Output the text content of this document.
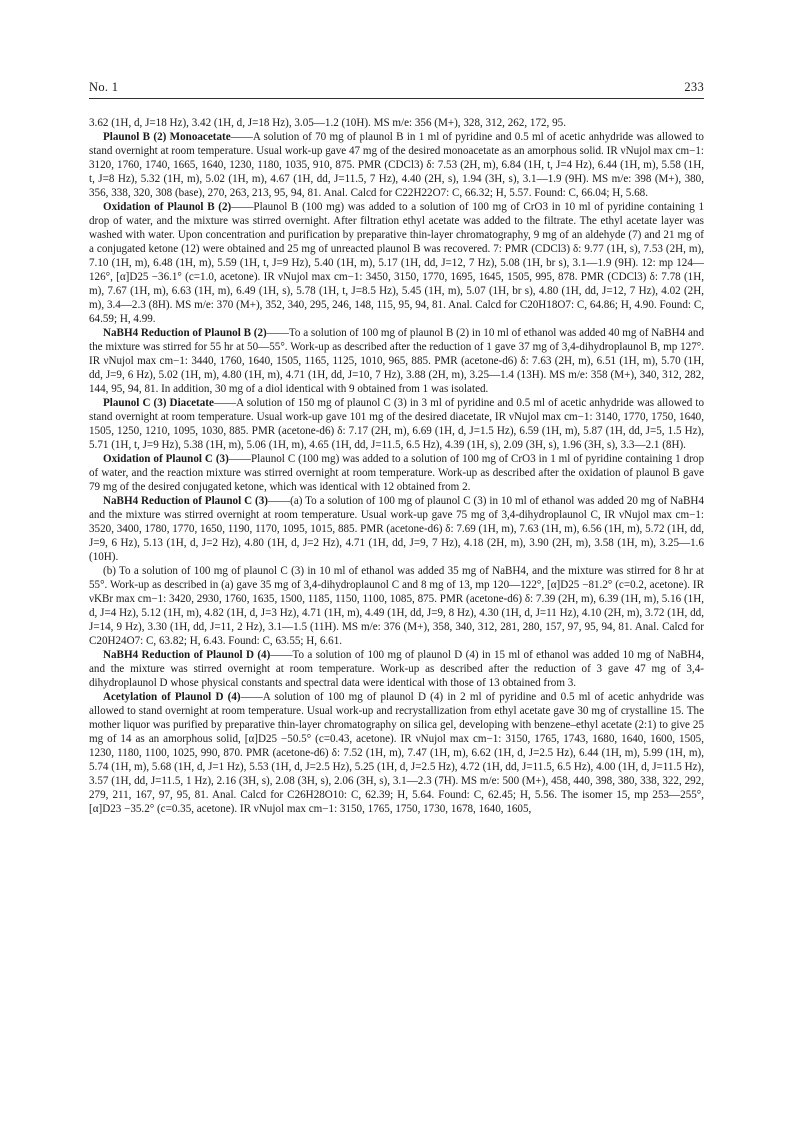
No. 1	233

3.62 (1H, d, J=18 Hz), 3.42 (1H, d, J=18 Hz), 3.05—1.2 (10H). MS m/e: 356 (M+), 328, 312, 262, 172, 95.

Plaunol B (2) Monoacetate——A solution of 70 mg of plaunol B in 1 ml of pyridine and 0.5 ml of acetic anhydride was allowed to stand overnight at room temperature. Usual work-up gave 47 mg of the desired monoacetate as an amorphous solid. IR νNujol max cm−1: 3120, 1760, 1740, 1665, 1640, 1230, 1180, 1035, 910, 875. PMR (CDCl3) δ: 7.53 (2H, m), 6.84 (1H, t, J=4 Hz), 6.44 (1H, m), 5.58 (1H, t, J=8 Hz), 5.32 (1H, m), 5.02 (1H, m), 4.67 (1H, dd, J=11.5, 7 Hz), 4.40 (2H, s), 1.94 (3H, s), 3.1—1.9 (9H). MS m/e: 398 (M+), 380, 356, 338, 320, 308 (base), 270, 263, 213, 95, 94, 81. Anal. Calcd for C22H22O7: C, 66.32; H, 5.57. Found: C, 66.04; H, 5.68.

Oxidation of Plaunol B (2)——Plaunol B (100 mg) was added to a solution of 100 mg of CrO3 in 10 ml of pyridine containing 1 drop of water, and the mixture was stirred overnight. After filtration ethyl acetate was added to the filtrate. The ethyl acetate layer was washed with water. Upon concentration and purification by preparative thin-layer chromatography, 9 mg of an aldehyde (7) and 21 mg of a conjugated ketone (12) were obtained and 25 mg of unreacted plaunol B was recovered. 7: PMR (CDCl3) δ: 9.77 (1H, s), 7.53 (2H, m), 7.10 (1H, m), 6.48 (1H, m), 5.59 (1H, t, J=9 Hz), 5.40 (1H, m), 5.17 (1H, dd, J=12, 7 Hz), 5.08 (1H, br s), 3.1—1.9 (9H). 12: mp 124—126°, [α]D25 −36.1° (c=1.0, acetone). IR νNujol max cm−1: 3450, 3150, 1770, 1695, 1645, 1505, 995, 878. PMR (CDCl3) δ: 7.78 (1H, m), 7.67 (1H, m), 6.63 (1H, m), 6.49 (1H, s), 5.78 (1H, t, J=8.5 Hz), 5.45 (1H, m), 5.07 (1H, br s), 4.80 (1H, dd, J=12, 7 Hz), 4.02 (2H, m), 3.4—2.3 (8H). MS m/e: 370 (M+), 352, 340, 295, 246, 148, 115, 95, 94, 81. Anal. Calcd for C20H18O7: C, 64.86; H, 4.90. Found: C, 64.59; H, 4.99.

NaBH4 Reduction of Plaunol B (2)——To a solution of 100 mg of plaunol B (2) in 10 ml of ethanol was added 40 mg of NaBH4 and the mixture was stirred for 55 hr at 50—55°. Work-up as described after the reduction of 1 gave 37 mg of 3,4-dihydroplaunol B, mp 127°. IR νNujol max cm−1: 3440, 1760, 1640, 1505, 1165, 1125, 1010, 965, 885. PMR (acetone-d6) δ: 7.63 (2H, m), 6.51 (1H, m), 5.70 (1H, dd, J=9, 6 Hz), 5.02 (1H, m), 4.80 (1H, m), 4.71 (1H, dd, J=10, 7 Hz), 3.88 (2H, m), 3.25—1.4 (13H). MS m/e: 358 (M+), 340, 312, 282, 144, 95, 94, 81. In addition, 30 mg of a diol identical with 9 obtained from 1 was isolated.

Plaunol C (3) Diacetate——A solution of 150 mg of plaunol C (3) in 3 ml of pyridine and 0.5 ml of acetic anhydride was allowed to stand overnight at room temperature. Usual work-up gave 101 mg of the desired diacetate, IR νNujol max cm−1: 3140, 1770, 1750, 1640, 1505, 1250, 1210, 1095, 1030, 885. PMR (acetone-d6) δ: 7.17 (2H, m), 6.69 (1H, d, J=1.5 Hz), 6.59 (1H, m), 5.87 (1H, dd, J=5, 1.5 Hz), 5.71 (1H, t, J=9 Hz), 5.38 (1H, m), 5.06 (1H, m), 4.65 (1H, dd, J=11.5, 6.5 Hz), 4.39 (1H, s), 2.09 (3H, s), 1.96 (3H, s), 3.3—2.1 (8H).

Oxidation of Plaunol C (3)——Plaunol C (100 mg) was added to a solution of 100 mg of CrO3 in 1 ml of pyridine containing 1 drop of water, and the reaction mixture was stirred overnight at room temperature. Work-up as described after the oxidation of plaunol B gave 79 mg of the desired conjugated ketone, which was identical with 12 obtained from 2.

NaBH4 Reduction of Plaunol C (3)——(a) To a solution of 100 mg of plaunol C (3) in 10 ml of ethanol was added 20 mg of NaBH4 and the mixture was stirred overnight at room temperature. Usual work-up gave 75 mg of 3,4-dihydroplaunol C, IR νNujol max cm−1: 3520, 3400, 1780, 1770, 1650, 1190, 1170, 1095, 1015, 885. PMR (acetone-d6) δ: 7.69 (1H, m), 7.63 (1H, m), 6.56 (1H, m), 5.72 (1H, dd, J=9, 6 Hz), 5.13 (1H, d, J=2 Hz), 4.80 (1H, d, J=2 Hz), 4.71 (1H, dd, J=9, 7 Hz), 4.18 (2H, m), 3.90 (2H, m), 3.58 (1H, m), 3.25—1.6 (10H).

(b) To a solution of 100 mg of plaunol C (3) in 10 ml of ethanol was added 35 mg of NaBH4, and the mixture was stirred for 8 hr at 55°. Work-up as described in (a) gave 35 mg of 3,4-dihydroplaunol C and 8 mg of 13, mp 120—122°, [α]D25 −81.2° (c=0.2, acetone). IR νKBr max cm−1: 3420, 2930, 1760, 1635, 1500, 1185, 1150, 1100, 1085, 875. PMR (acetone-d6) δ: 7.39 (2H, m), 6.39 (1H, m), 5.16 (1H, d, J=4 Hz), 5.12 (1H, m), 4.82 (1H, d, J=3 Hz), 4.71 (1H, m), 4.49 (1H, dd, J=9, 8 Hz), 4.30 (1H, d, J=11 Hz), 4.10 (2H, m), 3.72 (1H, dd, J=14, 9 Hz), 3.30 (1H, dd, J=11, 2 Hz), 3.1—1.5 (11H). MS m/e: 376 (M+), 358, 340, 312, 281, 280, 157, 97, 95, 94, 81. Anal. Calcd for C20H24O7: C, 63.82; H, 6.43. Found: C, 63.55; H, 6.61.

NaBH4 Reduction of Plaunol D (4)——To a solution of 100 mg of plaunol D (4) in 15 ml of ethanol was added 10 mg of NaBH4, and the mixture was stirred overnight at room temperature. Work-up as described after the reduction of 3 gave 47 mg of 3,4-dihydroplaunol D whose physical constants and spectral data were identical with those of 13 obtained from 3.

Acetylation of Plaunol D (4)——A solution of 100 mg of plaunol D (4) in 2 ml of pyridine and 0.5 ml of acetic anhydride was allowed to stand overnight at room temperature. Usual work-up and recrystallization from ethyl acetate gave 30 mg of crystalline 15. The mother liquor was purified by preparative thin-layer chromatography on silica gel, developing with benzene–ethyl acetate (2:1) to give 25 mg of 14 as an amorphous solid, [α]D25 −50.5° (c=0.43, acetone). IR νNujol max cm−1: 3150, 1765, 1743, 1680, 1640, 1600, 1505, 1230, 1180, 1100, 1025, 990, 870. PMR (acetone-d6) δ: 7.52 (1H, m), 7.47 (1H, m), 6.62 (1H, d, J=2.5 Hz), 6.44 (1H, m), 5.99 (1H, m), 5.74 (1H, m), 5.68 (1H, d, J=1 Hz), 5.53 (1H, d, J=2.5 Hz), 5.25 (1H, d, J=2.5 Hz), 4.72 (1H, dd, J=11.5, 6.5 Hz), 4.00 (1H, d, J=11.5 Hz), 3.57 (1H, dd, J=11.5, 1 Hz), 2.16 (3H, s), 2.08 (3H, s), 2.06 (3H, s), 3.1—2.3 (7H). MS m/e: 500 (M+), 458, 440, 398, 380, 338, 322, 292, 279, 211, 167, 97, 95, 81. Anal. Calcd for C26H28O10: C, 62.39; H, 5.64. Found: C, 62.45; H, 5.56. The isomer 15, mp 253—255°, [α]D23 −35.2° (c=0.35, acetone). IR νNujol max cm−1: 3150, 1765, 1750, 1730, 1678, 1640, 1605,
